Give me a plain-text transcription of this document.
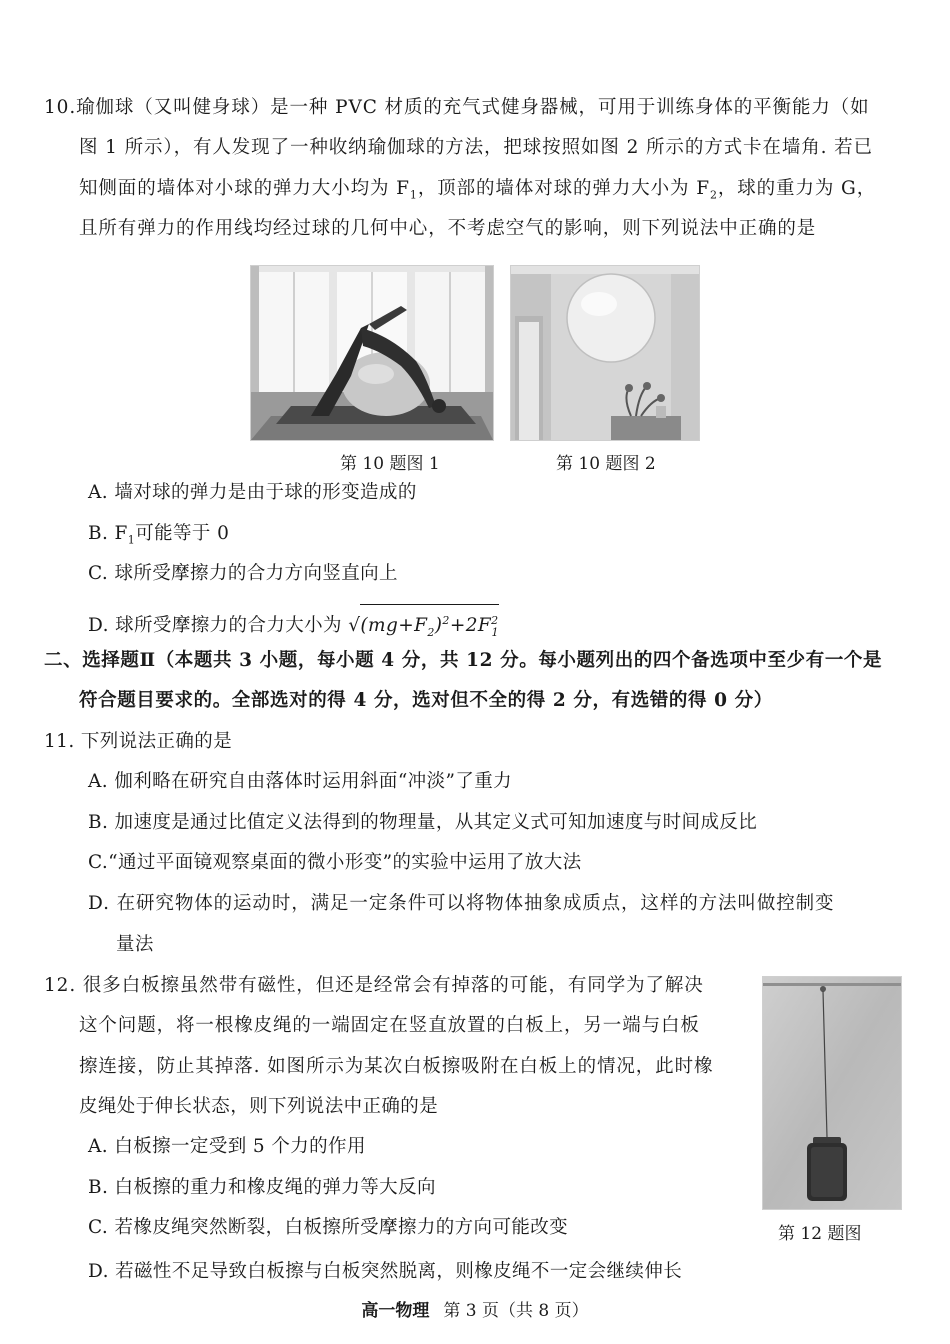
10.瑜伽球（又叫健身球）是一种 PVC 材质的充气式健身器械，可用于训练身体的平衡能力（如
图 1 所示），有人发现了一种收纳瑜伽球的方法，把球按照如图 2 所示的方式卡在墙角. 若已
知侧面的墙体对小球的弹力大小均为 $F_1$，顶部的墙体对球的弹力大小为 $F_2$，球的重力为 G，
且所有弹力的作用线均经过球的几何中心，不考虑空气的影响，则下列说法中正确的是
第 10 题图 1	第 10 题图 2
A. 墙对球的弹力是由于球的形变造成的
B. $F_1$可能等于 0
C. 球所受摩擦力的合力方向竖直向上
D. 球所受摩擦力的合力大小为 $√(mg+F_2)^2+2F^2_1$
二、选择题Ⅱ（本题共 3 小题，每小题 4 分，共 12 分。每小题列出的四个备选项中至少有一个是
符合题目要求的。全部选对的得 4 分，选对但不全的得 2 分，有选错的得 0 分）
11. 下列说法正确的是
A. 伽利略在研究自由落体时运用斜面“冲淡”了重力
B. 加速度是通过比值定义法得到的物理量，从其定义式可知加速度与时间成反比
C.“通过平面镜观察桌面的微小形变”的实验中运用了放大法
D. 在研究物体的运动时，满足一定条件可以将物体抽象成质点，这样的方法叫做控制变
量法
12. 很多白板擦虽然带有磁性，但还是经常会有掉落的可能，有同学为了解决
这个问题，将一根橡皮绳的一端固定在竖直放置的白板上，另一端与白板
擦连接，防止其掉落. 如图所示为某次白板擦吸附在白板上的情况，此时橡
皮绳处于伸长状态，则下列说法中正确的是
A. 白板擦一定受到 5 个力的作用
B. 白板擦的重力和橡皮绳的弹力等大反向
C. 若橡皮绳突然断裂，白板擦所受摩擦力的方向可能改变
D. 若磁性不足导致白板擦与白板突然脱离，则橡皮绳不一定会继续伸长
第 12 题图
高一物理 第 3 页（共 8 页）
